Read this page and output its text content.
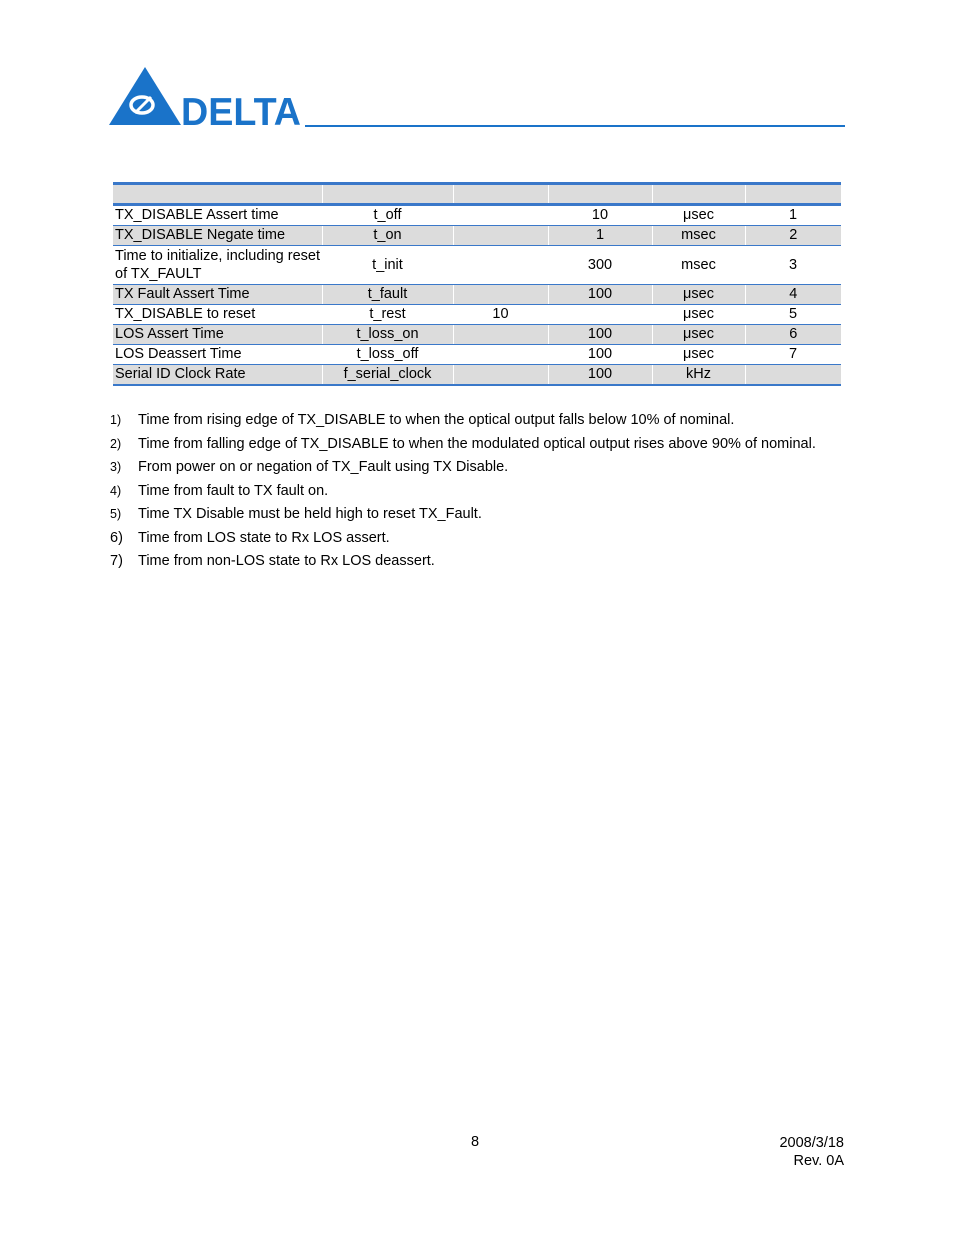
DELTA

TX_DISABLE Assert time	t_off		10	μsec	1
TX_DISABLE Negate time	t_on		1	msec	2
Time to initialize, including reset of TX_FAULT	t_init		300	msec	3
TX Fault Assert Time	t_fault		100	μsec	4
TX_DISABLE to reset	t_rest	10		μsec	5
LOS Assert Time	t_loss_on		100	μsec	6
LOS Deassert Time	t_loss_off		100	μsec	7
Serial ID Clock Rate	f_serial_clock		100	kHz	
1) Time from rising edge of TX_DISABLE to when the optical output falls below 10% of nominal.
2) Time from falling edge of TX_DISABLE to when the modulated optical output rises above 90% of nominal.
3) From power on or negation of TX_Fault using TX Disable.
4) Time from fault to TX fault on.
5) Time TX Disable must be held high to reset TX_Fault.
6) Time from LOS state to Rx LOS assert.
7) Time from non-LOS state to Rx LOS deassert.
8	2008/3/18
Rev. 0A
